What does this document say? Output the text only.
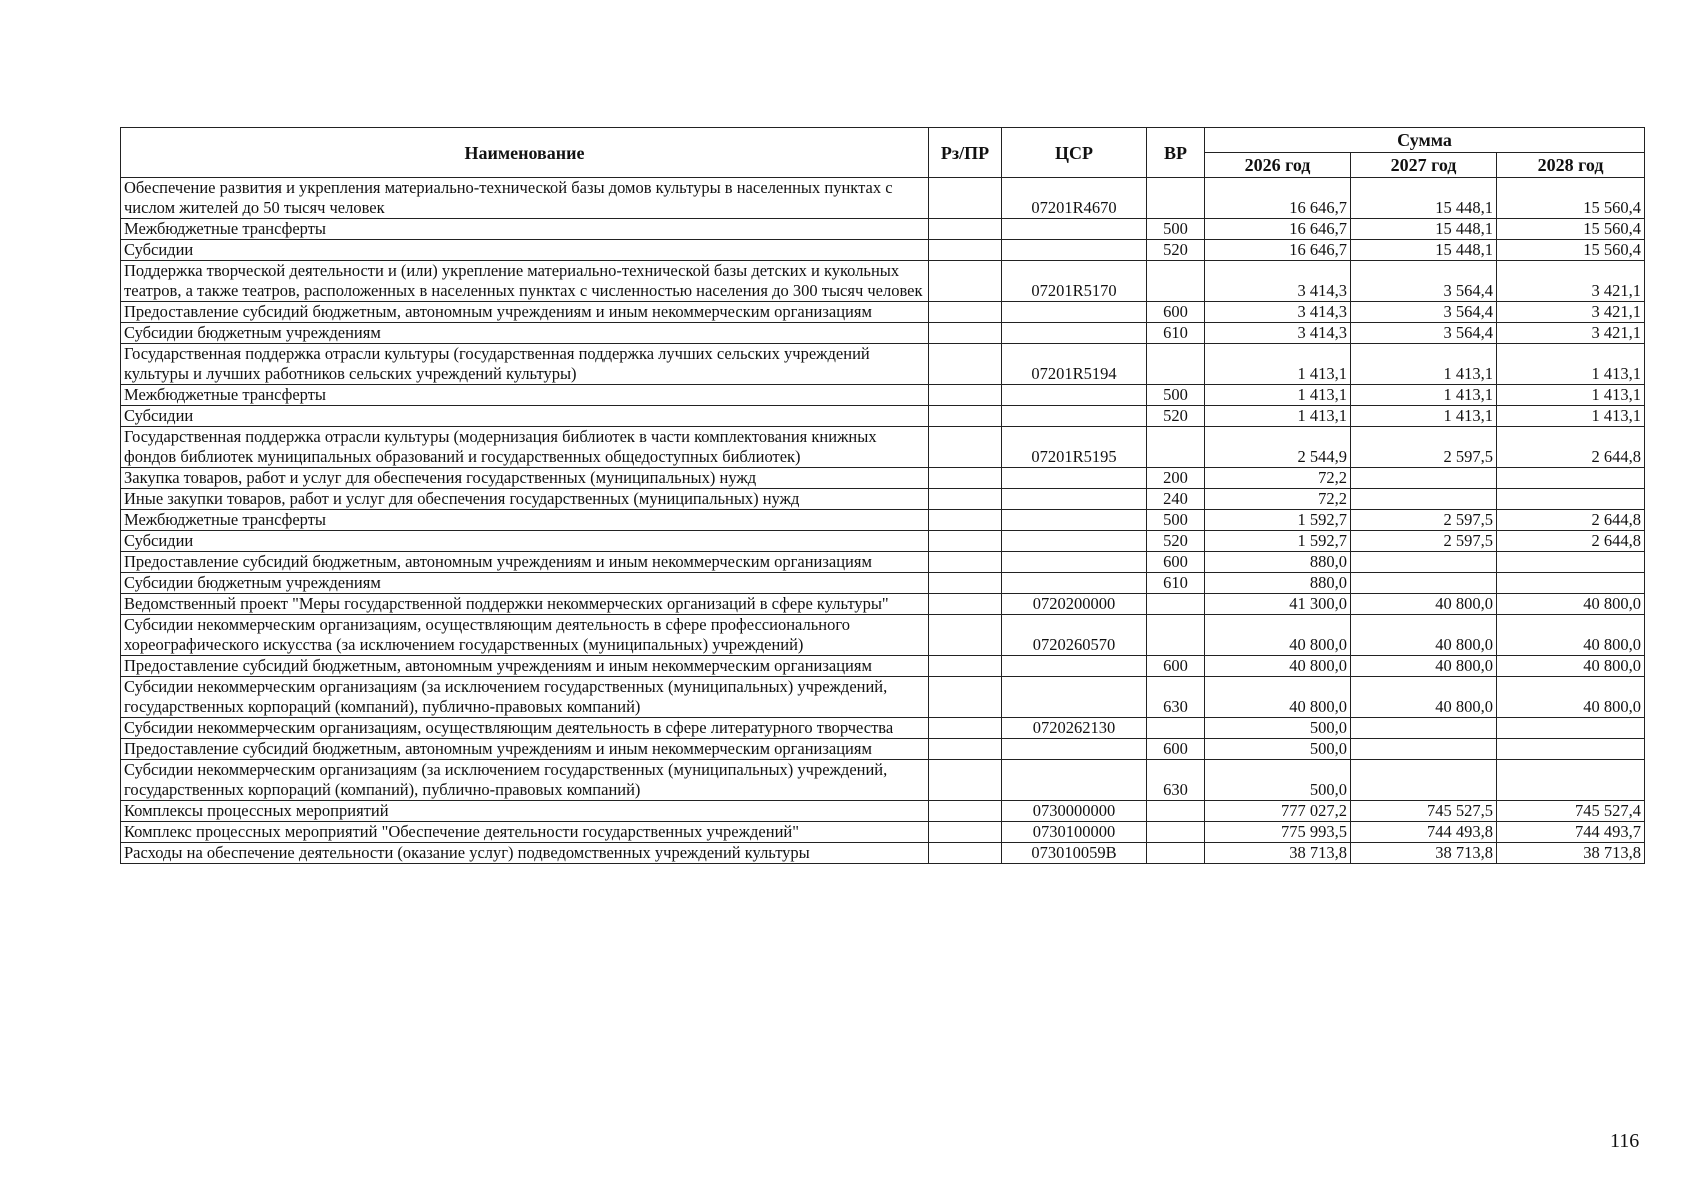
Наименование	Рз/ПР	ЦСР	ВР	Сумма		
				2026 год	2027 год	2028 год
Обеспечение развития и укрепления материально-технической базы домов культуры в населенных пунктах с числом жителей до 50 тысяч человек		07201R4670		16 646,7	15 448,1	15 560,4
Межбюджетные трансферты			500	16 646,7	15 448,1	15 560,4
Субсидии			520	16 646,7	15 448,1	15 560,4
Поддержка творческой деятельности и (или) укрепление материально-технической базы детских и кукольных театров, а также театров, расположенных в населенных пунктах с численностью населения до 300 тысяч человек		07201R5170		3 414,3	3 564,4	3 421,1
Предоставление субсидий бюджетным, автономным учреждениям и иным некоммерческим организациям			600	3 414,3	3 564,4	3 421,1
Субсидии бюджетным учреждениям			610	3 414,3	3 564,4	3 421,1
Государственная поддержка отрасли культуры (государственная поддержка лучших сельских учреждений культуры и лучших работников сельских учреждений культуры)		07201R5194		1 413,1	1 413,1	1 413,1
Межбюджетные трансферты			500	1 413,1	1 413,1	1 413,1
Субсидии			520	1 413,1	1 413,1	1 413,1
Государственная поддержка отрасли культуры (модернизация библиотек в части комплектования книжных фондов библиотек муниципальных образований и государственных общедоступных библиотек)		07201R5195		2 544,9	2 597,5	2 644,8
Закупка товаров, работ и услуг для обеспечения государственных (муниципальных) нужд			200	72,2		
Иные закупки товаров, работ и услуг для обеспечения государственных (муниципальных) нужд			240	72,2		
Межбюджетные трансферты			500	1 592,7	2 597,5	2 644,8
Субсидии			520	1 592,7	2 597,5	2 644,8
Предоставление субсидий бюджетным, автономным учреждениям и иным некоммерческим организациям			600	880,0		
Субсидии бюджетным учреждениям			610	880,0		
Ведомственный проект "Меры государственной поддержки некоммерческих организаций в сфере культуры"		0720200000		41 300,0	40 800,0	40 800,0
Субсидии некоммерческим организациям, осуществляющим деятельность в сфере профессионального хореографического искусства (за исключением государственных (муниципальных) учреждений)		0720260570		40 800,0	40 800,0	40 800,0
Предоставление субсидий бюджетным, автономным учреждениям и иным некоммерческим организациям			600	40 800,0	40 800,0	40 800,0
Субсидии некоммерческим организациям (за исключением государственных (муниципальных) учреждений, государственных корпораций (компаний), публично-правовых компаний)			630	40 800,0	40 800,0	40 800,0
Субсидии некоммерческим организациям, осуществляющим деятельность в сфере литературного творчества		0720262130		500,0		
Предоставление субсидий бюджетным, автономным учреждениям и иным некоммерческим организациям			600	500,0		
Субсидии некоммерческим организациям (за исключением государственных (муниципальных) учреждений, государственных корпораций (компаний), публично-правовых компаний)			630	500,0		
Комплексы процессных мероприятий		0730000000		777 027,2	745 527,5	745 527,4
Комплекс процессных мероприятий "Обеспечение деятельности государственных учреждений"		0730100000		775 993,5	744 493,8	744 493,7
Расходы на обеспечение деятельности (оказание услуг) подведомственных учреждений культуры		073010059B		38 713,8	38 713,8	38 713,8
116
